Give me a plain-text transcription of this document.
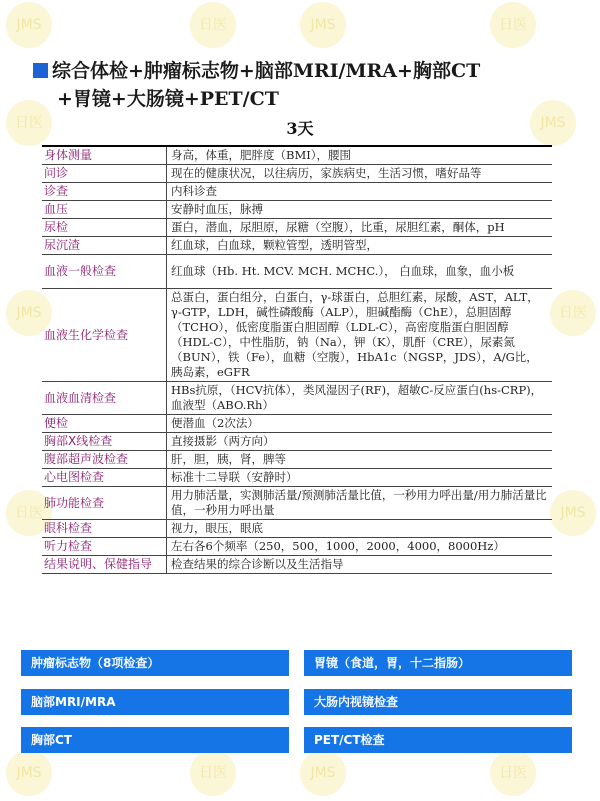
JMS	日医	JMS	日医
日医	JMS
JMS	日医
日医	JMS
JMS	日医	JMS	日医
综合体检+肿瘤标志物+脑部MRI/MRA+胸部CT
+胃镜+大肠镜+PET/CT
3天
身体测量	身高，体重，肥胖度（BMI），腰围
问诊	现在的健康状况，以往病历，家族病史，生活习惯，嗜好品等
诊查	内科诊查
血压	安静时血压，脉搏
尿检	蛋白，潜血，尿胆原，尿糖（空腹），比重，尿胆红素，酮体，pH
尿沉渣	红血球，白血球，颗粒管型，透明管型，
血液一般检查	红血球（Hb. Ht. MCV. MCH. MCHC.）， 白血球，血象，血小板
血液生化学检查	总蛋白，蛋白组分，白蛋白，γ-球蛋白，总胆红素，尿酸，AST，ALT，γ-GTP，LDH，碱性磷酸酶（ALP），胆碱酯酶（ChE），总胆固醇（TCHO），低密度脂蛋白胆固醇（LDL-C），高密度脂蛋白胆固醇（HDL-C），中性脂肪，钠（Na），钾（K），肌酐（CRE），尿素氮（BUN），铁（Fe），血糖（空腹），HbA1c（NGSP，JDS），A/G比，胰岛素，eGFR
血液血清检查	HBs抗原，（HCV抗体），类风湿因子(RF)，超敏C-反应蛋白(hs-CRP)，血液型（ABO.Rh）
便检	便潜血（2次法）
胸部X线检查	直接摄影（两方向）
腹部超声波检查	肝，胆，胰，肾，脾等
心电图检查	标准十二导联（安静时）
肺功能检查	用力肺活量，实测肺活量/预测肺活量比值，一秒用力呼出量/用力肺活量比值，一秒用力呼出量
眼科检查	视力，眼压，眼底
听力检查	左右各6个频率（250，500，1000，2000，4000，8000Hz）
结果说明、保健指导	检查结果的综合诊断以及生活指导
肿瘤标志物（8项检查）	胃镜（食道，胃，十二指肠）
脑部MRI/MRA	大肠内视镜检查
胸部CT	PET/CT检查
